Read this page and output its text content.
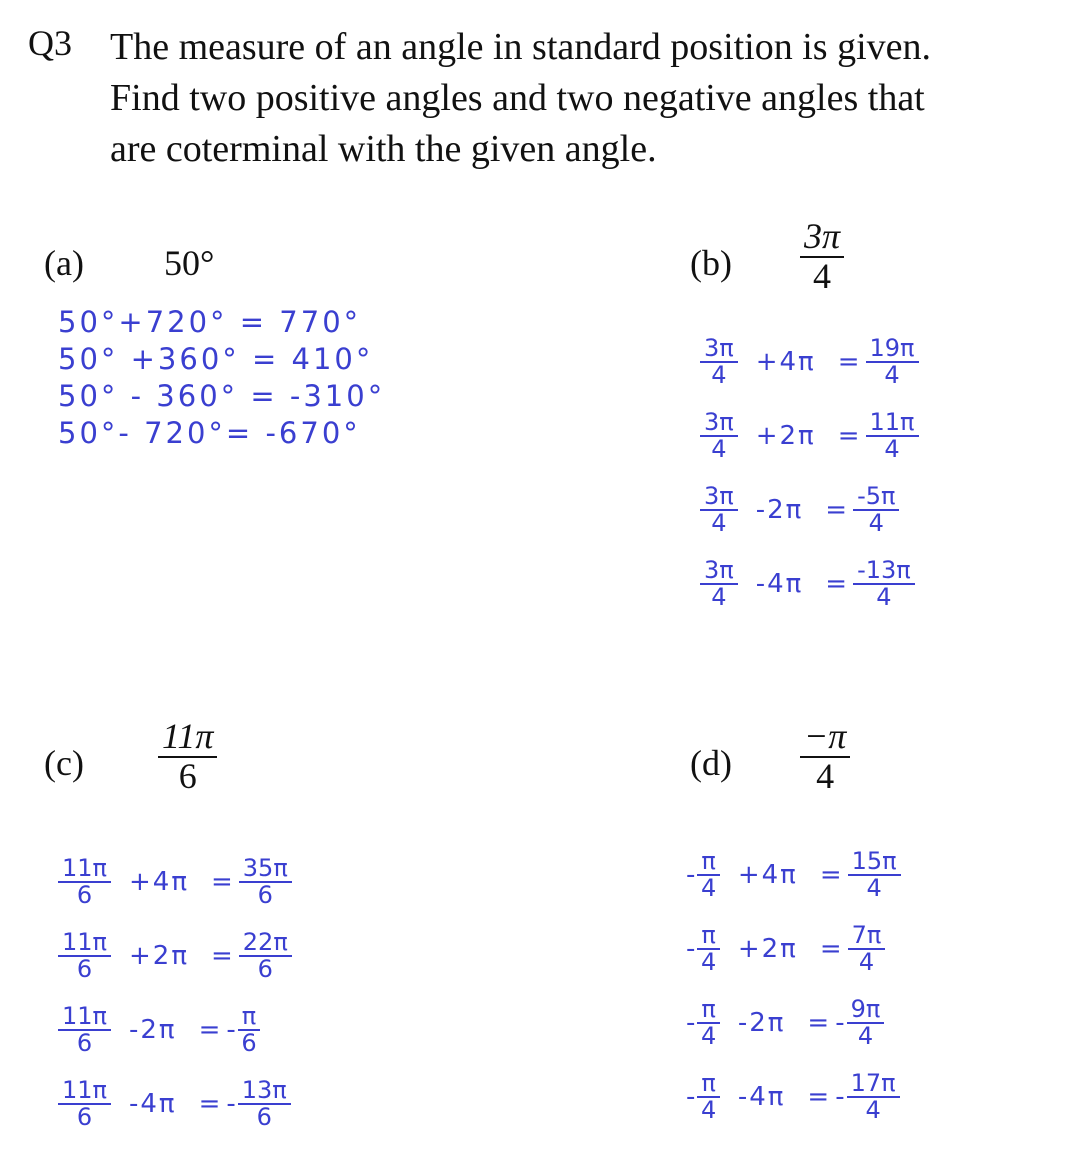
Q3 The measure of an angle in standard position is given.
Find two positive angles and two negative angles that
are coterminal with the given angle.
(a) 50°
50°+720° = 770°
50° +360° = 410°
50° - 360° = -310°
50°- 720°= -670°
$(b) \frac{3\pi}{4}$
$\frac{3\pi}{4} +4\pi = \frac{19\pi}{4}$
$\frac{3\pi}{4} +2\pi = \frac{11\pi}{4}$
$\frac{3\pi}{4} -2\pi = \frac{-5\pi}{4}$
$\frac{3\pi}{4} -4\pi = \frac{-13\pi}{4}$
$(c) \frac{11\pi}{6}$
$\frac{11\pi}{6} +4\pi = \frac{35\pi}{6}$
$\frac{11\pi}{6} +2\pi = \frac{22\pi}{6}$
$\frac{11\pi}{6} -2\pi$ = - $\frac{\pi}{6}$
$\frac{11\pi}{6} -4\pi$ = - $\frac{13\pi}{6}$
$(d) \frac{-\pi}{4}$
- $\frac{\pi}{4} +4\pi = \frac{15\pi}{4}$
- $\frac{\pi}{4} +2\pi = \frac{7\pi}{4}$
- $\frac{\pi}{4} -2\pi$ = - $\frac{9\pi}{4}$
- $\frac{\pi}{4} -4\pi$ = - $\frac{17\pi}{4}$
